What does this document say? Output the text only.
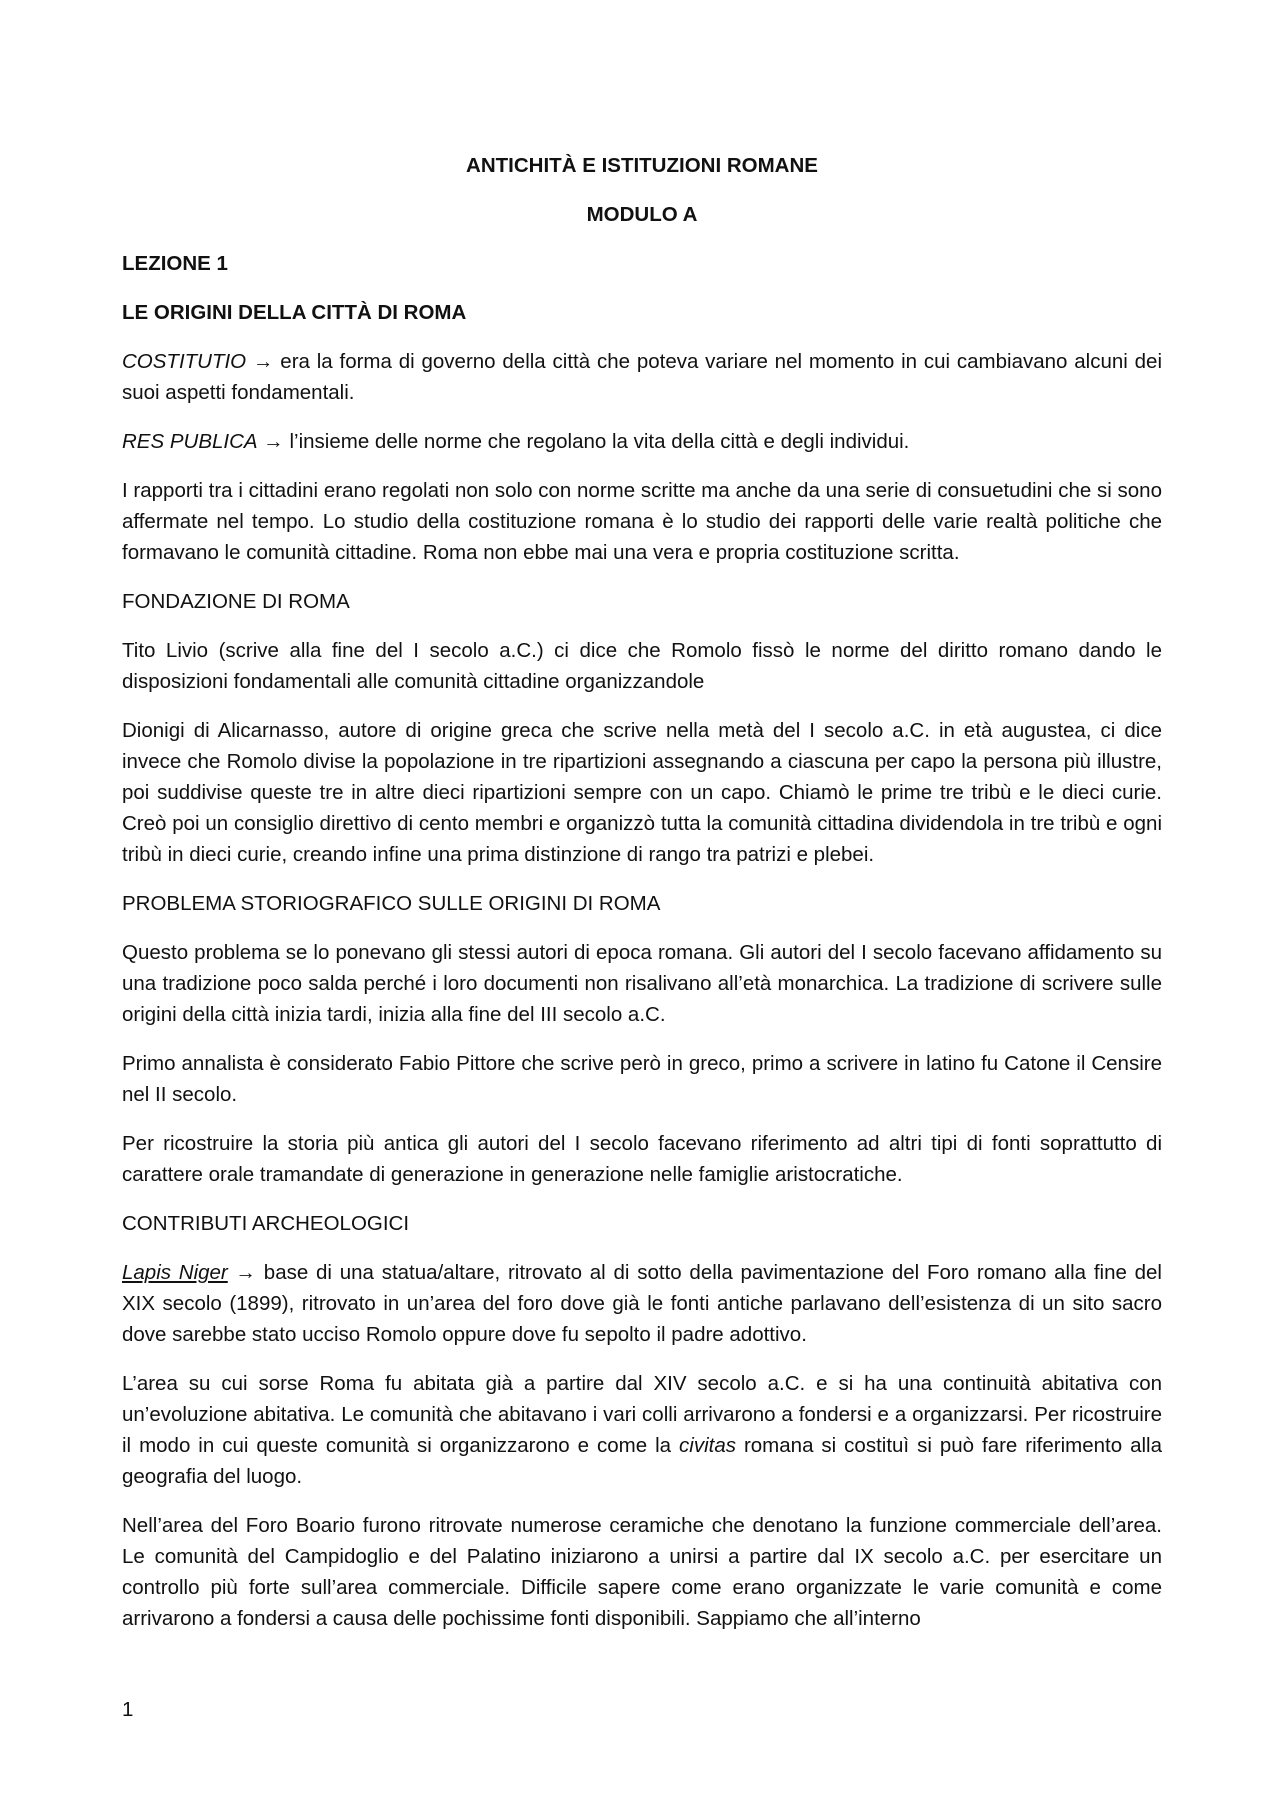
ANTICHITÀ E ISTITUZIONI ROMANE
MODULO A
LEZIONE 1
LE ORIGINI DELLA CITTÀ DI ROMA

COSTITUTIO → era la forma di governo della città che poteva variare nel momento in cui cambiavano alcuni dei suoi aspetti fondamentali.

RES PUBLICA → l’insieme delle norme che regolano la vita della città e degli individui.

I rapporti tra i cittadini erano regolati non solo con norme scritte ma anche da una serie di consuetudini che si sono affermate nel tempo. Lo studio della costituzione romana è lo studio dei rapporti delle varie realtà politiche che formavano le comunità cittadine. Roma non ebbe mai una vera e propria costituzione scritta.

FONDAZIONE DI ROMA

Tito Livio (scrive alla fine del I secolo a.C.) ci dice che Romolo fissò le norme del diritto romano dando le disposizioni fondamentali alle comunità cittadine organizzandole

Dionigi di Alicarnasso, autore di origine greca che scrive nella metà del I secolo a.C. in età augustea, ci dice invece che Romolo divise la popolazione in tre ripartizioni assegnando a ciascuna per capo la persona più illustre, poi suddivise queste tre in altre dieci ripartizioni sempre con un capo. Chiamò le prime tre tribù e le dieci curie. Creò poi un consiglio direttivo di cento membri e organizzò tutta la comunità cittadina dividendola in tre tribù e ogni tribù in dieci curie, creando infine una prima distinzione di rango tra patrizi e plebei.

PROBLEMA STORIOGRAFICO SULLE ORIGINI DI ROMA

Questo problema se lo ponevano gli stessi autori di epoca romana. Gli autori del I secolo facevano affidamento su una tradizione poco salda perché i loro documenti non risalivano all’età monarchica. La tradizione di scrivere sulle origini della città inizia tardi, inizia alla fine del III secolo a.C.

Primo annalista è considerato Fabio Pittore che scrive però in greco, primo a scrivere in latino fu Catone il Censire nel II secolo.

Per ricostruire la storia più antica gli autori del I secolo facevano riferimento ad altri tipi di fonti soprattutto di carattere orale tramandate di generazione in generazione nelle famiglie aristocratiche.

CONTRIBUTI ARCHEOLOGICI

Lapis Niger → base di una statua/altare, ritrovato al di sotto della pavimentazione del Foro romano alla fine del XIX secolo (1899), ritrovato in un’area del foro dove già le fonti antiche parlavano dell’esistenza di un sito sacro dove sarebbe stato ucciso Romolo oppure dove fu sepolto il padre adottivo.

L’area su cui sorse Roma fu abitata già a partire dal XIV secolo a.C. e si ha una continuità abitativa con un’evoluzione abitativa. Le comunità che abitavano i vari colli arrivarono a fondersi e a organizzarsi. Per ricostruire il modo in cui queste comunità si organizzarono e come la civitas romana si costituì si può fare riferimento alla geografia del luogo.

Nell’area del Foro Boario furono ritrovate numerose ceramiche che denotano la funzione commerciale dell’area. Le comunità del Campidoglio e del Palatino iniziarono a unirsi a partire dal IX secolo a.C. per esercitare un controllo più forte sull’area commerciale. Difficile sapere come erano organizzate le varie comunità e come arrivarono a fondersi a causa delle pochissime fonti disponibili. Sappiamo che all’interno

1
